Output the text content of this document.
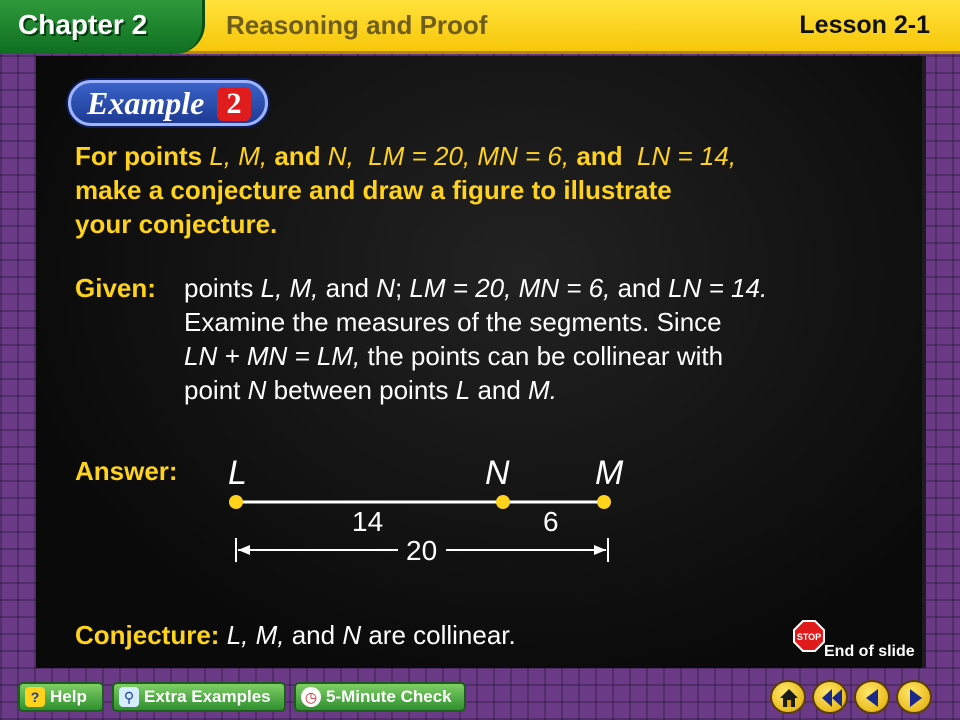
Chapter 2	Reasoning and Proof	Lesson 2-1
Example 2
For points L, M, and N, LM = 20, MN = 6, and  LN = 14,
make a conjecture and draw a figure to illustrate
your conjecture.
Given: points L, M, and N; LM = 20, MN = 6, and LN = 14.
Examine the measures of the segments. Since
LN + MN = LM, the points can be collinear with
point N between points L and M.
Answer: L	N	M
14	6
20
Conjecture: L, M, and N are collinear.	STOP
End of slide
? Help	⚲ Extra Examples	◷ 5-Minute Check
